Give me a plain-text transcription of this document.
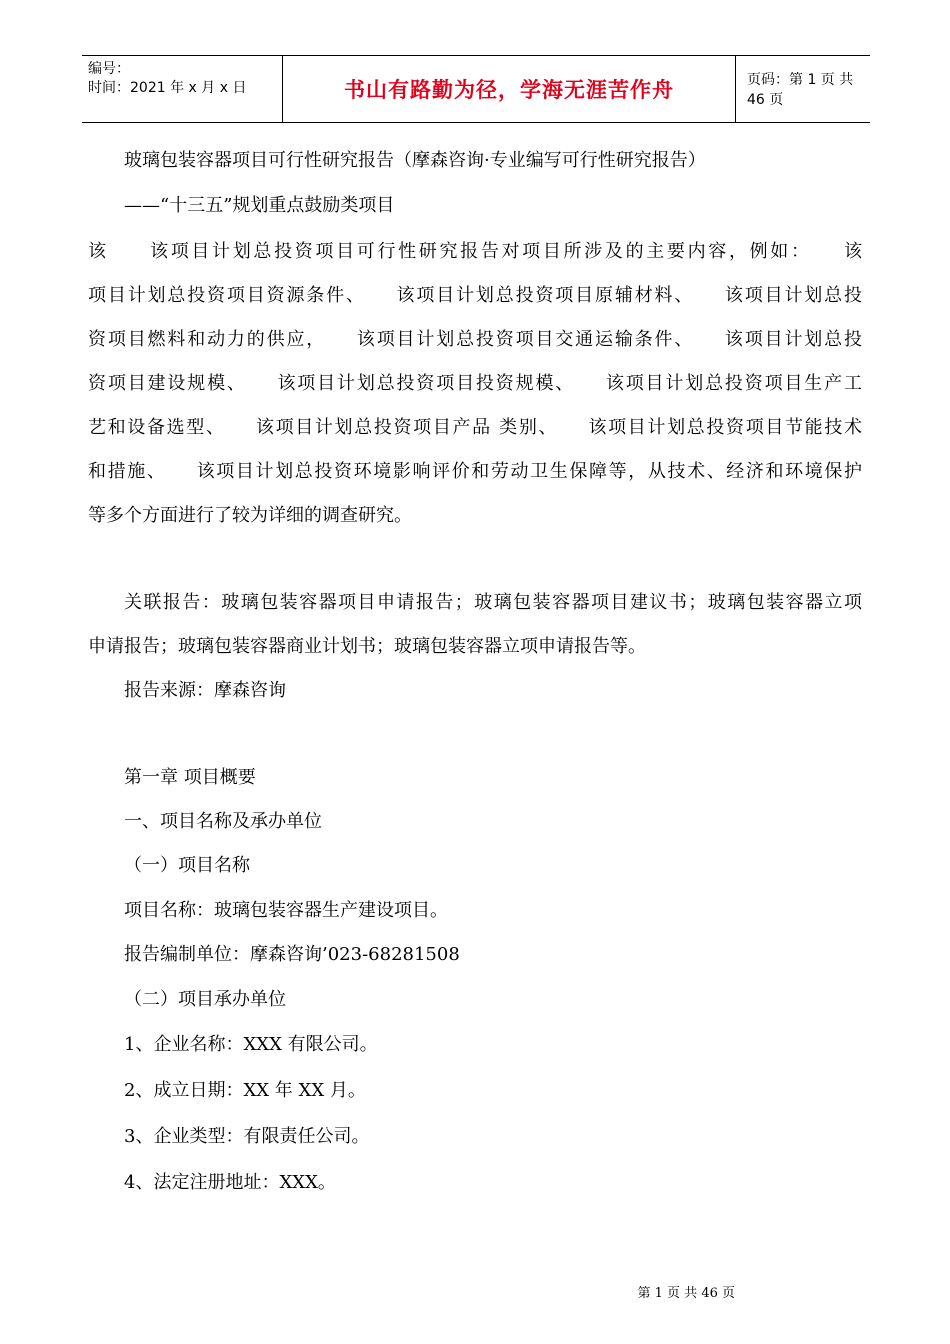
编号：
时间：2021 年 x 月 x 日	书山有路勤为径，学海无涯苦作舟	页码：第 1 页 共 46 页
玻璃包装容器项目可行性研究报告（摩森咨询·专业编写可行性研究报告）
——“十三五”规划重点鼓励类项目
该　　该项目计划总投资项目可行性研究报告对项目所涉及的主要内容，例如：　　该
项目计划总投资项目资源条件、　　该项目计划总投资项目原辅材料、　　该项目计划总投
资项目燃料和动力的供应，　　该项目计划总投资项目交通运输条件、　　该项目计划总投
资项目建设规模、　　该项目计划总投资项目投资规模、　　该项目计划总投资项目生产工
艺和设备选型、　　该项目计划总投资项目产品 类别、　　该项目计划总投资项目节能技术
和措施、　　该项目计划总投资环境影响评价和劳动卫生保障等，从技术、经济和环境保护
等多个方面进行了较为详细的调查研究。
关联报告：玻璃包装容器项目申请报告；玻璃包装容器项目建议书；玻璃包装容器立项
申请报告；玻璃包装容器商业计划书；玻璃包装容器立项申请报告等。
报告来源：摩森咨询
第一章 项目概要
一、项目名称及承办单位
（一）项目名称
项目名称：玻璃包装容器生产建设项目。
报告编制单位：摩森咨询’023-68281508
（二）项目承办单位
1、企业名称：XXX 有限公司。
2、成立日期：XX 年 XX 月。
3、企业类型：有限责任公司。
4、法定注册地址：XXX。
第 1 页 共 46 页
